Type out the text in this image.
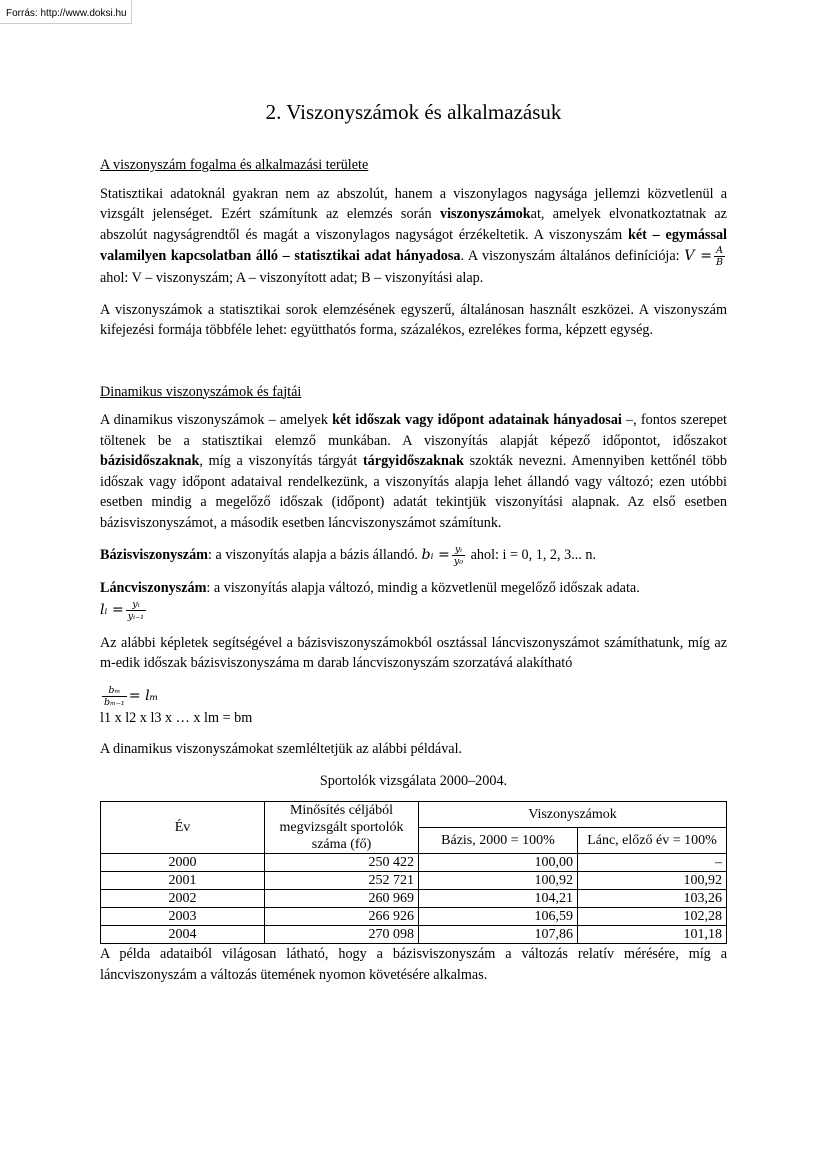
Forrás: http://www.doksi.hu
2. Viszonyszámok és alkalmazásuk

A viszonyszám fogalma és alkalmazási területe

Statisztikai adatoknál gyakran nem az abszolút, hanem a viszonylagos nagysága jellemzi közvetlenül a vizsgált jelenséget. Ezért számítunk az elemzés során viszonyszámokat, amelyek elvonatkoztatnak az abszolút nagyságrendtől és magát a viszonylagos nagyságot érzékeltetik. A viszonyszám két – egymással valamilyen kapcsolatban álló – statisztikai adat hányadosa. A viszonyszám általános definíciója: $V = \frac{A}{B}$
ahol: V – viszonyszám; A – viszonyított adat; B – viszonyítási alap.

A viszonyszámok a statisztikai sorok elemzésének egyszerű, általánosan használt eszközei. A viszonyszám kifejezési formája többféle lehet: együtthatós forma, százalékos, ezrelékes forma, képzett egység.

Dinamikus viszonyszámok és fajtái

A dinamikus viszonyszámok – amelyek két időszak vagy időpont adatainak hányadosai –, fontos szerepet töltenek be a statisztikai elemző munkában. A viszonyítás alapját képező időpontot, időszakot bázisidőszaknak, míg a viszonyítás tárgyát tárgyidőszaknak szokták nevezni. Amennyiben kettőnél több időszak vagy időpont adataival rendelkezünk, a viszonyítás alapja lehet állandó vagy változó; ezen utóbbi esetben mindig a megelőző időszak (időpont) adatát tekintjük viszonyítási alapnak. Az első esetben bázisviszonyszámot, a második esetben láncviszonyszámot számítunk.

Bázisviszonyszám: a viszonyítás alapja a bázis állandó. bᵢ = $\frac{\text{yᵢ}}{\text{y₀}}$ ahol: i = 0, 1, 2, 3... n.

Láncviszonyszám: a viszonyítás alapja változó, mindig a közvetlenül megelőző időszak adata.
lᵢ = $\frac{\text{yᵢ}}{\text{yᵢ₋₁}}$

Az alábbi képletek segítségével a bázisviszonyszámokból osztással láncviszonyszámot számíthatunk, míg az m-edik időszak bázisviszonyszáma m darab láncviszonyszám szorzatává alakítható

$\frac{\text{bₘ}}{\text{bₘ₋₁}} = l_m$
l1 x l2 x l3 x … x lm = bm

A dinamikus viszonyszámokat szemléltetjük az alábbi példával.

Sportolók vizsgálata 2000–2004.
Év	Minősítés céljából megvizsgált sportolók száma (fő)	Viszonyszámok	
		Bázis, 2000 = 100%	Lánc, előző év = 100%
2000	250 422	100,00	–
2001	252 721	100,92	100,92
2002	260 969	104,21	103,26
2003	266 926	106,59	102,28
2004	270 098	107,86	101,18

A példa adataiból világosan látható, hogy a bázisviszonyszám a változás relatív mérésére, míg a láncviszonyszám a változás ütemének nyomon követésére alkalmas.
